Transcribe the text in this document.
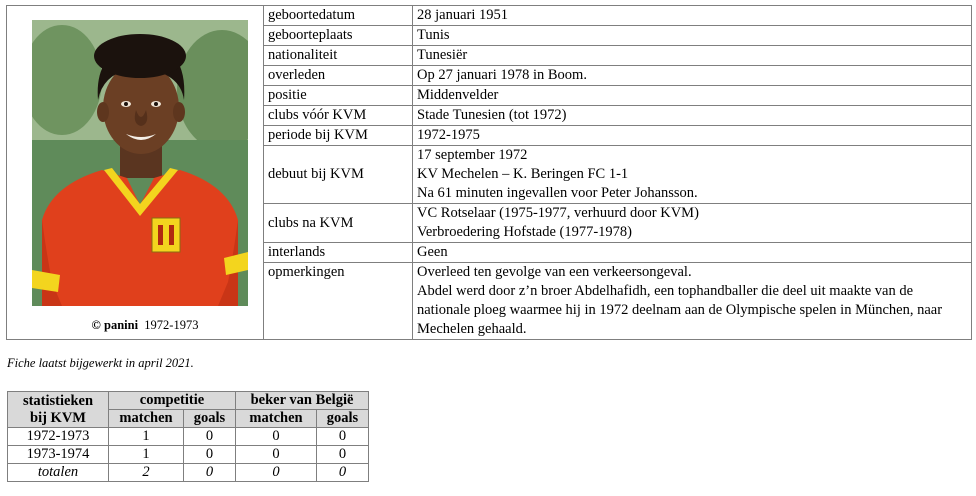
© panini 1972-1973	geboortedatum	28 januari 1951
	geboorteplaats	Tunis
	nationaliteit	Tunesiër
	overleden	Op 27 januari 1978 in Boom.
	positie	Middenvelder
	clubs vóór KVM	Stade Tunesien (tot 1972)
	periode bij KVM	1972-1975
	debuut bij KVM	17 september 1972
KV Mechelen – K. Beringen FC 1-1
Na 61 minuten ingevallen voor Peter Johansson.

	clubs na KVM	VC Rotselaar (1975-1977, verhuurd door KVM)
Verbroedering Hofstade (1977-1978)

	interlands	Geen
	opmerkingen	Overleed ten gevolge van een verkeersongeval.
Abdel werd door z’n broer Abdelhafidh, een tophandballer die deel uit maakte van de nationale ploeg waarmee hij in 1972 deelnam aan de Olympische spelen in München, naar Mechelen gehaald.
Fiche laatst bijgewerkt in april 2021.
statistieken
bij KVM	competitie		beker van België	
	matchen	goals	matchen	goals
1972-1973	1	0	0	0
1973-1974	1	0	0	0
totalen	2	0	0	0
